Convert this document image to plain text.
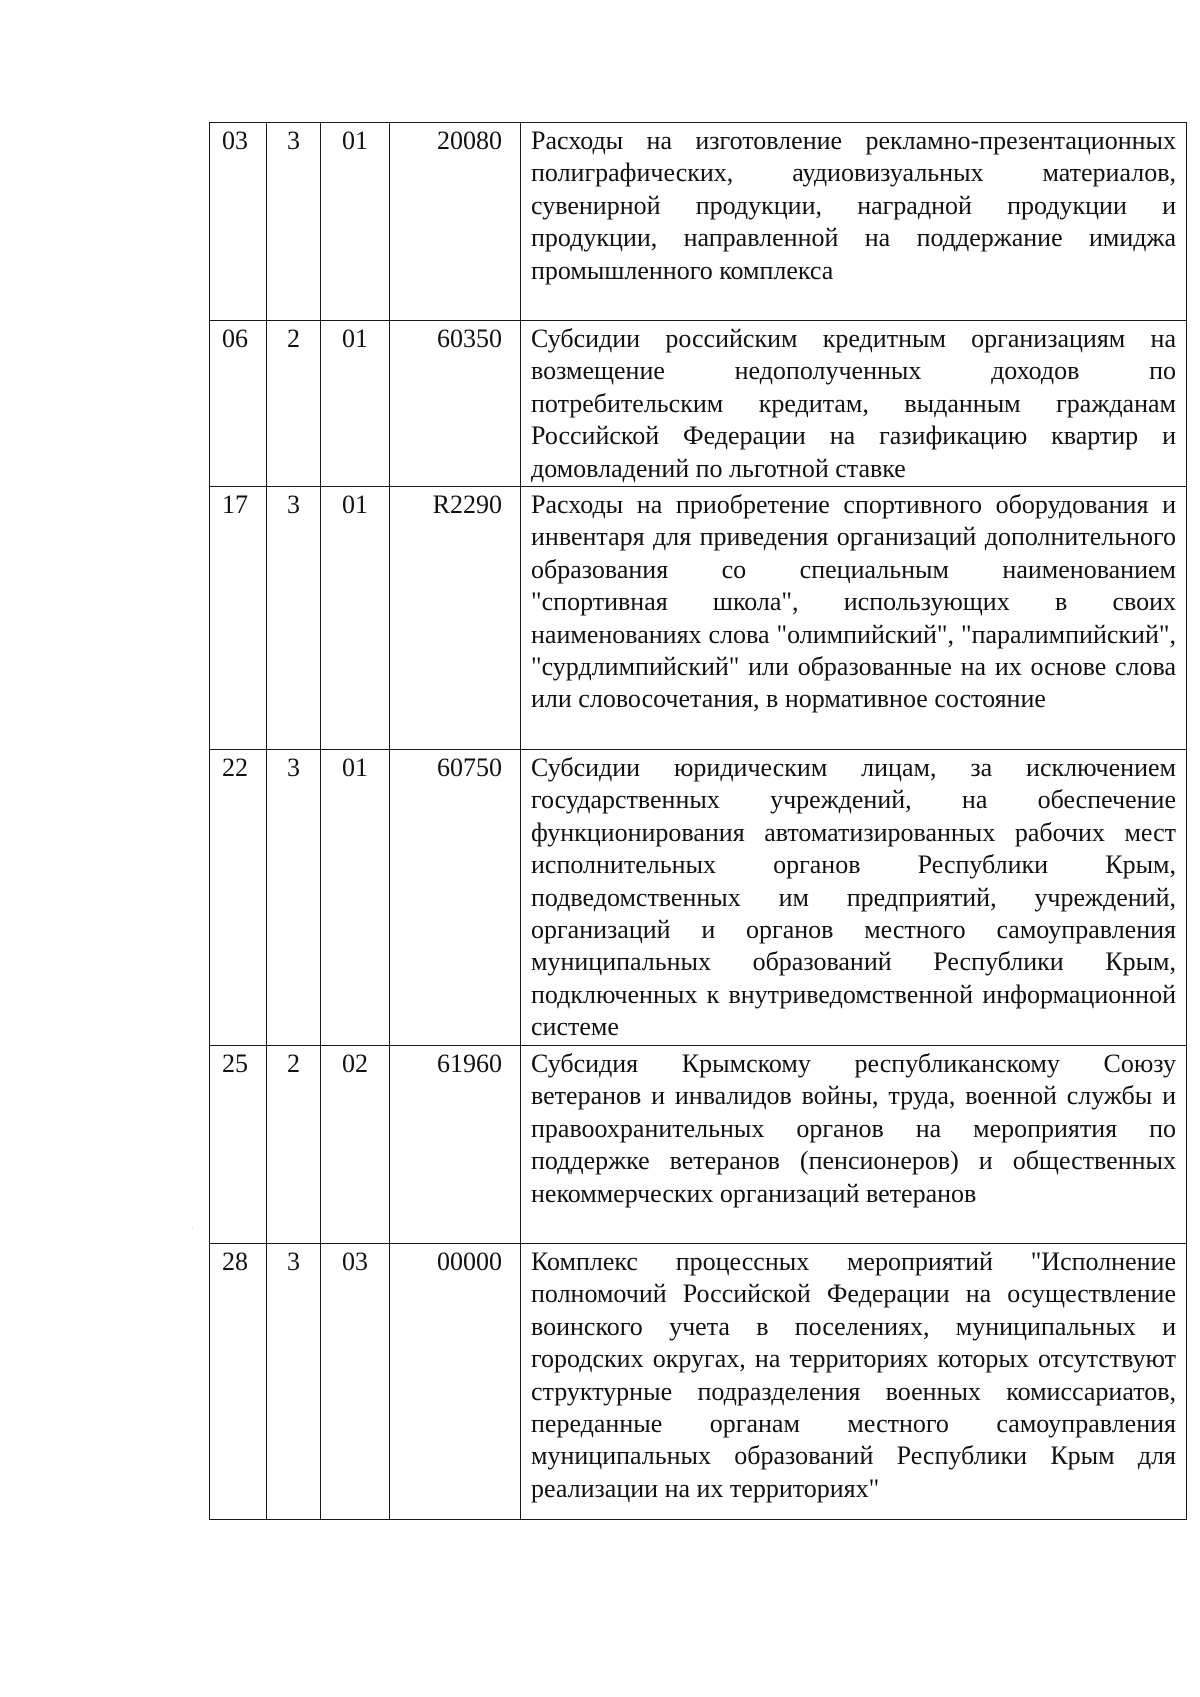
03	3	01	20080	Расходы на изготовление рекламно-презентационных полиграфических, аудиовизуальных материалов, сувенирной продукции, наградной продукции и продукции, направленной на поддержание имиджа промышленного комплекса
06	2	01	60350	Субсидии российским кредитным организациям на возмещение недополученных доходов по потребительским кредитам, выданным гражданам Российской Федерации на газификацию квартир и домовладений по льготной ставке
17	3	01	R2290	Расходы на приобретение спортивного оборудования и инвентаря для приведения организаций дополнительного образования со специальным наименованием "спортивная школа", использующих в своих наименованиях слова "олимпийский", "паралимпийский", "сурдлимпийский" или образованные на их основе слова или словосочетания, в нормативное состояние
22	3	01	60750	Субсидии юридическим лицам, за исключением государственных учреждений, на обеспечение функционирования автоматизированных рабочих мест исполнительных органов Республики Крым, подведомственных им предприятий, учреждений, организаций и органов местного самоуправления муниципальных образований Республики Крым, подключенных к внутриведомственной информационной системе
25	2	02	61960	Субсидия Крымскому республиканскому Союзу ветеранов и инвалидов войны, труда, военной службы и правоохранительных органов на мероприятия по поддержке ветеранов (пенсионеров) и общественных некоммерческих организаций ветеранов
28	3	03	00000	Комплекс процессных мероприятий "Исполнение полномочий Российской Федерации на осуществление воинского учета в поселениях, муниципальных и городских округах, на территориях которых отсутствуют структурные подразделения военных комиссариатов, переданные органам местного самоуправления муниципальных образований Республики Крым для реализации на их территориях"
